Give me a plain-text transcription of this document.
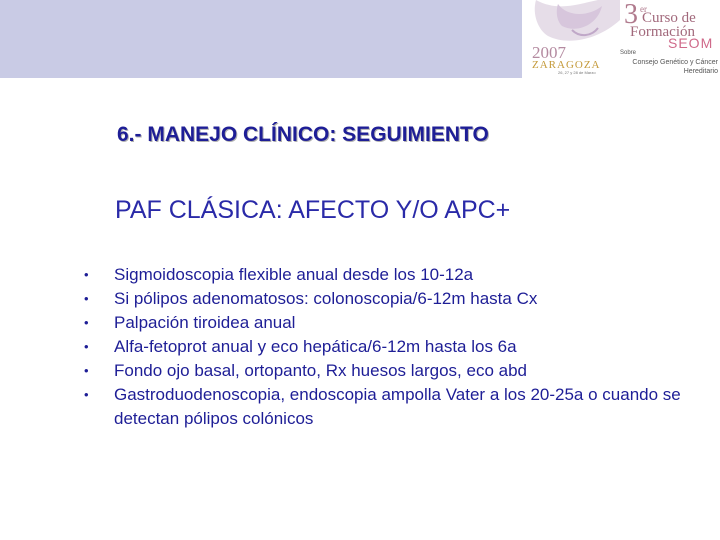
2007
ZARAGOZA
26, 27 y 28 de Marzo
3 er
Curso de
Formación
SEOM
Sobre
Consejo Genético y Cáncer
Hereditario
6.- MANEJO CLÍNICO: SEGUIMIENTO
PAF CLÁSICA: AFECTO Y/O APC+
•	Sigmoidoscopia flexible anual desde los 10-12a
•	Si pólipos adenomatosos: colonoscopia/6-12m hasta Cx
•	Palpación tiroidea anual
•	Alfa-fetoprot anual y eco hepática/6-12m hasta los 6a
•	Fondo ojo basal, ortopanto, Rx huesos largos, eco abd
•	Gastroduodenoscopia, endoscopia ampolla Vater a los 20-25a o cuando se detectan pólipos colónicos
